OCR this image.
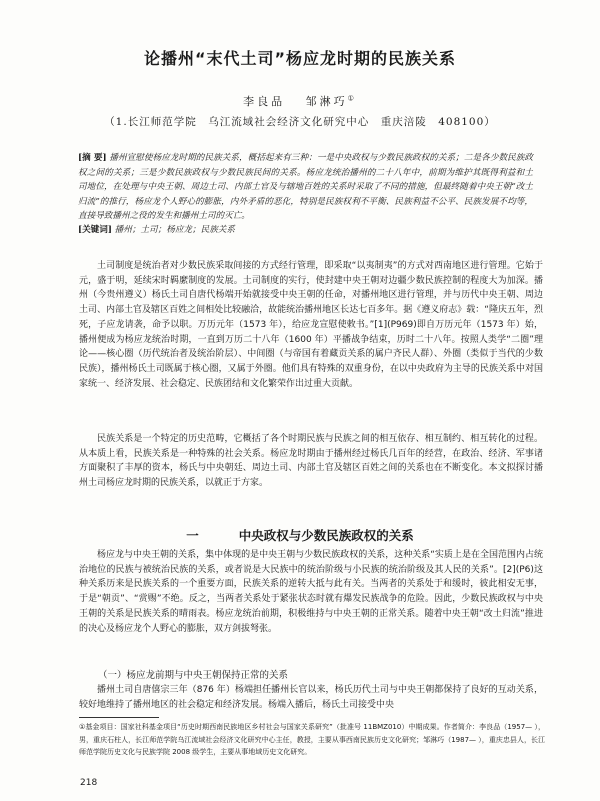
论播州“末代土司”杨应龙时期的民族关系
李良品　 邹淋巧①
（1.长江师范学院　乌江流域社会经济文化研究中心　重庆涪陵　408100）
[摘 要] 播州宣慰使杨应龙时期的民族关系，概括起来有三种：一是中央政权与少数民族政权的关系；二是各少数民族政权之间的关系；三是少数民族政权与少数民族民间的关系。杨应龙统治播州的二十八年中，前期为维护其既得利益和土司地位，在处理与中央王朝、周边土司、内部土官及与辖地百姓的关系时采取了不同的措施，但最终随着中央王朝“改土归流”的推行，杨应龙个人野心的膨胀，内外矛盾的恶化，特别是民族权利不平衡、民族利益不公平、民族发展不均等，直接导致播州之役的发生和播州土司的灭亡。
[关键词] 播州；土司；杨应龙；民族关系

土司制度是统治者对少数民族采取间接的方式经行管理，即采取“以夷制夷”的方式对西南地区进行管理。它始于元，盛于明，延续宋时羁縻制度的发展。土司制度的实行，使封建中央王朝对边疆少数民族控制的程度大为加深。播州（今贵州遵义）杨氏土司自唐代杨端开始就接受中央王朝的任命，对播州地区进行管理，并与历代中央王朝、周边土司、内部土官及辖区百姓之间相处比较融洽，故能统治播州地区长达七百多年。据《遵义府志》载：“隆庆五年，烈死，子应龙请袭，命予以职。万历元年（1573 年），给应龙宣慰使敕书。”[1](P969)即自万历元年（1573 年）始，播州便成为杨应龙统治时期，一直到万历二十八年（1600 年）平播战争结束，历时二十八年。按照人类学“二圈”理论——核心圈（历代统治者及统治阶层）、中间圈（与帝国有着藏贡关系的属户齐民人群）、外圈（类似于当代的少数民族），播州杨氏土司既属于核心圈，又属于外圈。他们具有特殊的双重身份，在以中央政府为主导的民族关系中对国家统一、经济发展、社会稳定、民族团结和文化繁荣作出过重大贡献。

民族关系是一个特定的历史范畴，它概括了各个时期民族与民族之间的相互依存、相互制约、相互转化的过程。从本质上看，民族关系是一种特殊的社会关系。杨应龙时期由于播州经过杨氏几百年的经营，在政治、经济、军事诸方面聚积了丰厚的资本，杨氏与中央朝廷、周边土司、内部土官及辖区百姓之间的关系也在不断变化。本文拟探讨播州土司杨应龙时期的民族关系，以就正于方家。

一	中央政权与少数民族政权的关系

杨应龙与中央王朝的关系，集中体现的是中央王朝与少数民族政权的关系，这种关系“实质上是在全国范围内占统治地位的民族与被统治民族的关系，或者说是大民族中的统治阶级与小民族的统治阶级及其人民的关系”。[2](P6)这种关系历来是民族关系的一个重要方面，民族关系的逆转大抵与此有关。当两者的关系处于和缓时，彼此相安无事，于是“朝贡”、“赏赐”不绝。反之，当两者关系处于紧张状态时就有爆发民族战争的危险。因此，少数民族政权与中央王朝的关系是民族关系的晴雨表。杨应龙统治前期，积极维持与中央王朝的正常关系。随着中央王朝“改土归流”推进的决心及杨应龙个人野心的膨胀，双方剑拔弩张。

（一）杨应龙前期与中央王朝保持正常的关系

播州土司自唐僖宗三年（876 年）杨端担任播州长官以来，杨氏历代土司与中央王朝都保持了良好的互动关系，较好地维持了播州地区的社会稳定和经济发展。杨端入播后，杨氏土司接受中央

①基金项目：国家社科基金项目“历史时期西南民族地区乡村社会与国家关系研究”（批准号 11BMZ010）中期成果。作者简介：李良品（1957— ），男，重庆石柱人，长江师范学院乌江流域社会经济文化研究中心主任，教授，主要从事西南民族历史文化研究；邹淋巧（1987— ），重庆忠县人，长江师范学院历史文化与民族学院 2008 级学生，主要从事地域历史文化研究。
218
